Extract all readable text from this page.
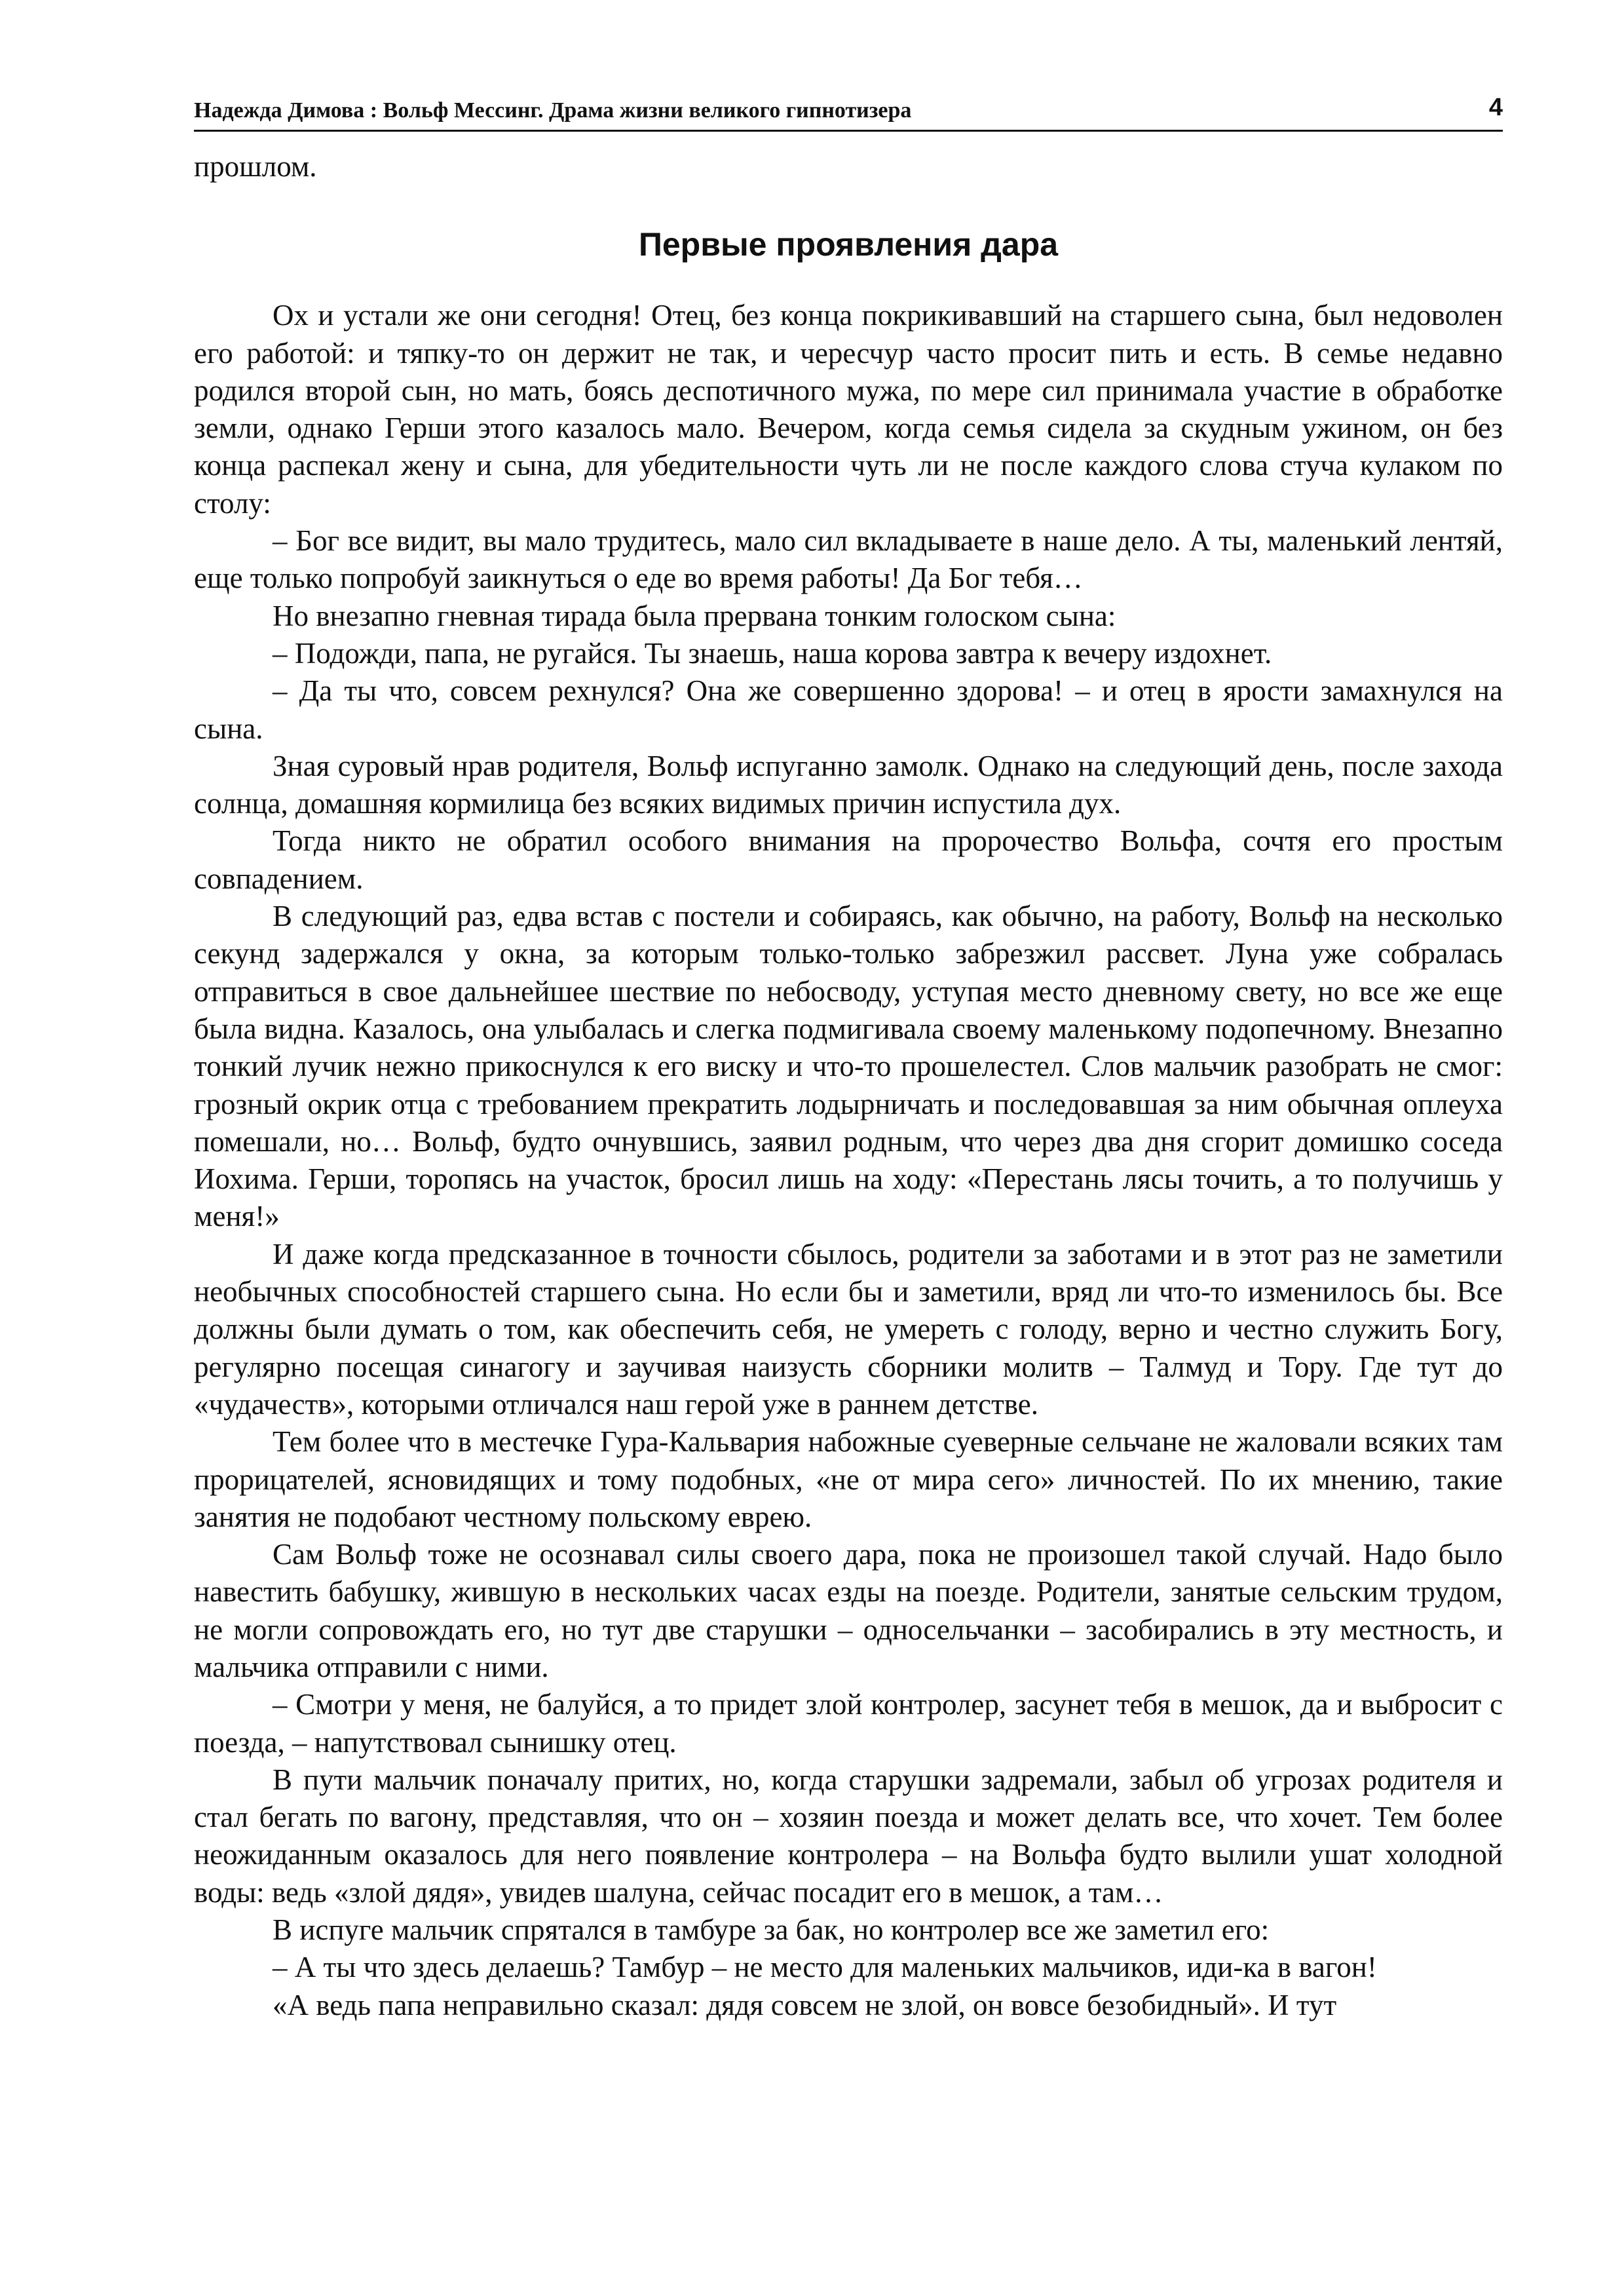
Надежда Димова : Вольф Мессинг. Драма жизни великого гипнотизера	4

прошлом.

Первые проявления дара

Ох и устали же они сегодня! Отец, без конца покрикивавший на старшего сына, был недоволен его работой: и тяпку-то он держит не так, и чересчур часто просит пить и есть. В семье недавно родился второй сын, но мать, боясь деспотичного мужа, по мере сил принимала участие в обработке земли, однако Герши этого казалось мало. Вечером, когда семья сидела за скудным ужином, он без конца распекал жену и сына, для убедительности чуть ли не после каждого слова стуча кулаком по столу:

– Бог все видит, вы мало трудитесь, мало сил вкладываете в наше дело. А ты, маленький лентяй, еще только попробуй заикнуться о еде во время работы! Да Бог тебя…

Но внезапно гневная тирада была прервана тонким голоском сына:

– Подожди, папа, не ругайся. Ты знаешь, наша корова завтра к вечеру издохнет.

– Да ты что, совсем рехнулся? Она же совершенно здорова! – и отец в ярости замахнулся на сына.

Зная суровый нрав родителя, Вольф испуганно замолк. Однако на следующий день, после захода солнца, домашняя кормилица без всяких видимых причин испустила дух.

Тогда никто не обратил особого внимания на пророчество Вольфа, сочтя его простым совпадением.

В следующий раз, едва встав с постели и собираясь, как обычно, на работу, Вольф на несколько секунд задержался у окна, за которым только-только забрезжил рассвет. Луна уже собралась отправиться в свое дальнейшее шествие по небосводу, уступая место дневному свету, но все же еще была видна. Казалось, она улыбалась и слегка подмигивала своему маленькому подопечному. Внезапно тонкий лучик нежно прикоснулся к его виску и что-то прошелестел. Слов мальчик разобрать не смог: грозный окрик отца с требованием прекратить лодырничать и последовавшая за ним обычная оплеуха помешали, но… Вольф, будто очнувшись, заявил родным, что через два дня сгорит домишко соседа Иохима. Герши, торопясь на участок, бросил лишь на ходу: «Перестань лясы точить, а то получишь у меня!»

И даже когда предсказанное в точности сбылось, родители за заботами и в этот раз не заметили необычных способностей старшего сына. Но если бы и заметили, вряд ли что-то изменилось бы. Все должны были думать о том, как обеспечить себя, не умереть с голоду, верно и честно служить Богу, регулярно посещая синагогу и заучивая наизусть сборники молитв – Талмуд и Тору. Где тут до «чудачеств», которыми отличался наш герой уже в раннем детстве.

Тем более что в местечке Гура-Кальвария набожные суеверные сельчане не жаловали всяких там прорицателей, ясновидящих и тому подобных, «не от мира сего» личностей. По их мнению, такие занятия не подобают честному польскому еврею.

Сам Вольф тоже не осознавал силы своего дара, пока не произошел такой случай. Надо было навестить бабушку, жившую в нескольких часах езды на поезде. Родители, занятые сельским трудом, не могли сопровождать его, но тут две старушки – односельчанки – засобирались в эту местность, и мальчика отправили с ними.

– Смотри у меня, не балуйся, а то придет злой контролер, засунет тебя в мешок, да и выбросит с поезда, – напутствовал сынишку отец.

В пути мальчик поначалу притих, но, когда старушки задремали, забыл об угрозах родителя и стал бегать по вагону, представляя, что он – хозяин поезда и может делать все, что хочет. Тем более неожиданным оказалось для него появление контролера – на Вольфа будто вылили ушат холодной воды: ведь «злой дядя», увидев шалуна, сейчас посадит его в мешок, а там…

В испуге мальчик спрятался в тамбуре за бак, но контролер все же заметил его:

– А ты что здесь делаешь? Тамбур – не место для маленьких мальчиков, иди-ка в вагон!

«А ведь папа неправильно сказал: дядя совсем не злой, он вовсе безобидный». И тут
